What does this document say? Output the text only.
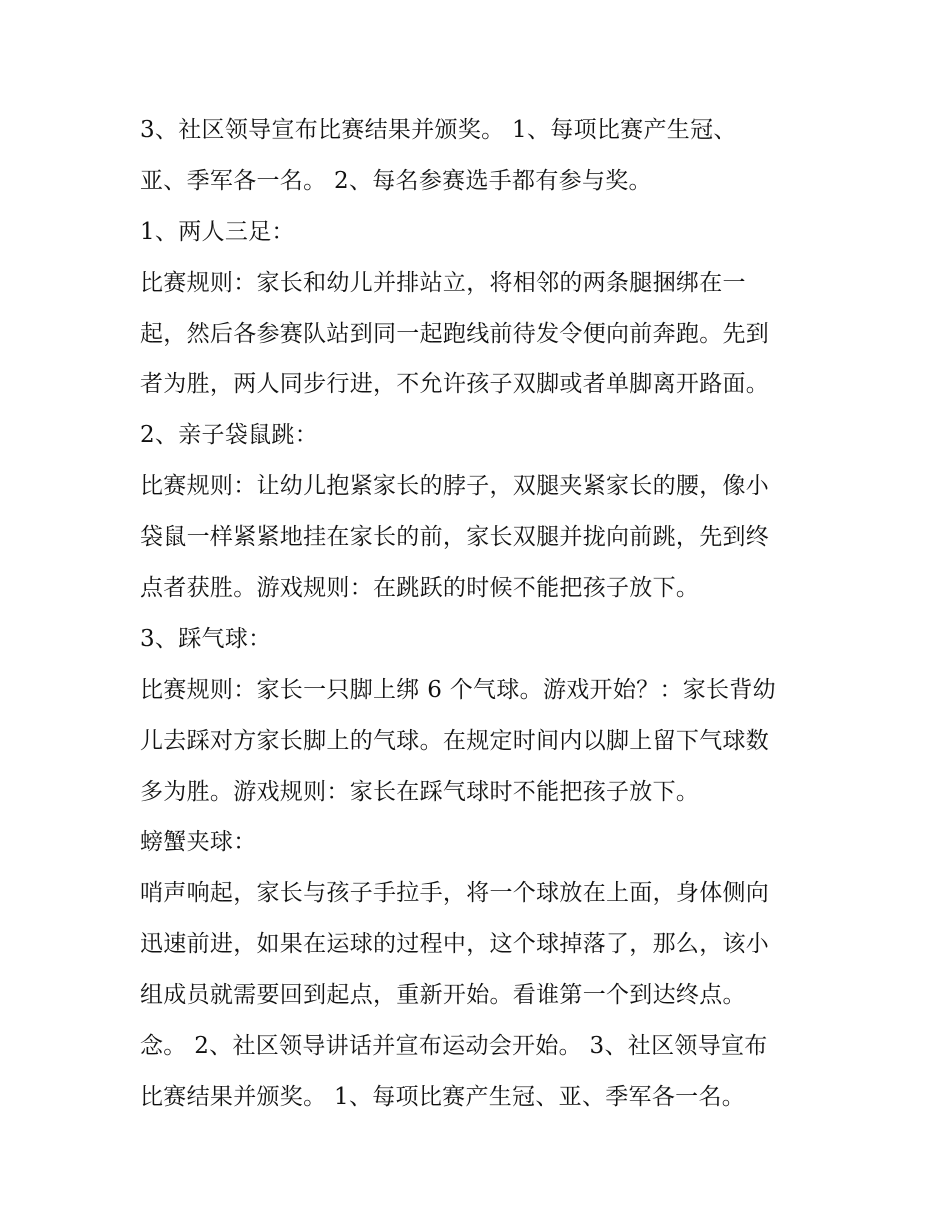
3、社区领导宣布比赛结果并颁奖。 1、每项比赛产生冠、
亚、季军各一名。 2、每名参赛选手都有参与奖。
1、两人三足：
比赛规则：家长和幼儿并排站立，将相邻的两条腿捆绑在一
起，然后各参赛队站到同一起跑线前待发令便向前奔跑。先到
者为胜，两人同步行进，不允许孩子双脚或者单脚离开路面。
2、亲子袋鼠跳：
比赛规则：让幼儿抱紧家长的脖子，双腿夹紧家长的腰，像小
袋鼠一样紧紧地挂在家长的前，家长双腿并拢向前跳，先到终
点者获胜。游戏规则：在跳跃的时候不能把孩子放下。
3、踩气球：
比赛规则：家长一只脚上绑 6 个气球。游戏开始？：家长背幼
儿去踩对方家长脚上的气球。在规定时间内以脚上留下气球数
多为胜。游戏规则：家长在踩气球时不能把孩子放下。
螃蟹夹球：
哨声响起，家长与孩子手拉手，将一个球放在上面，身体侧向
迅速前进，如果在运球的过程中，这个球掉落了，那么，该小
组成员就需要回到起点，重新开始。看谁第一个到达终点。
念。 2、社区领导讲话并宣布运动会开始。 3、社区领导宣布
比赛结果并颁奖。 1、每项比赛产生冠、亚、季军各一名。
